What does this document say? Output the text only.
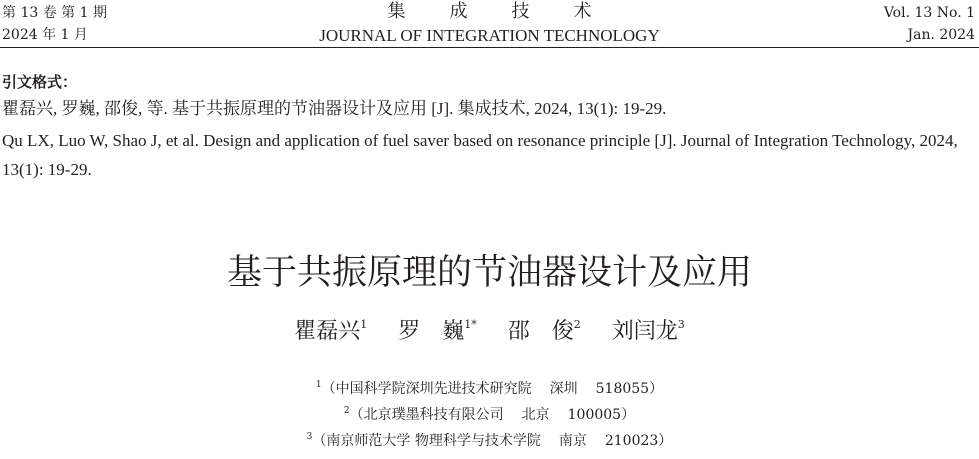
第 13 卷 第 1 期
2024 年 1 月
集成技术
JOURNAL OF INTEGRATION TECHNOLOGY
Vol. 13 No. 1
Jan. 2024
引文格式：

瞿磊兴, 罗巍, 邵俊, 等. 基于共振原理的节油器设计及应用 [J]. 集成技术, 2024, 13(1): 19-29.

Qu LX, Luo W, Shao J, et al. Design and application of fuel saver based on resonance principle [J]. Journal of Integration Technology, 2024, 13(1): 19-29.

基于共振原理的节油器设计及应用
瞿磊兴$^1$ 罗　巍$^{1*}$ 邵　俊$^2$ 刘闫龙$^3$
$^1$（中国科学院深圳先进技术研究院 深圳 518055）
$^2$（北京璞墨科技有限公司 北京 100005）
$^3$（南京师范大学 物理科学与技术学院 南京 210023）
